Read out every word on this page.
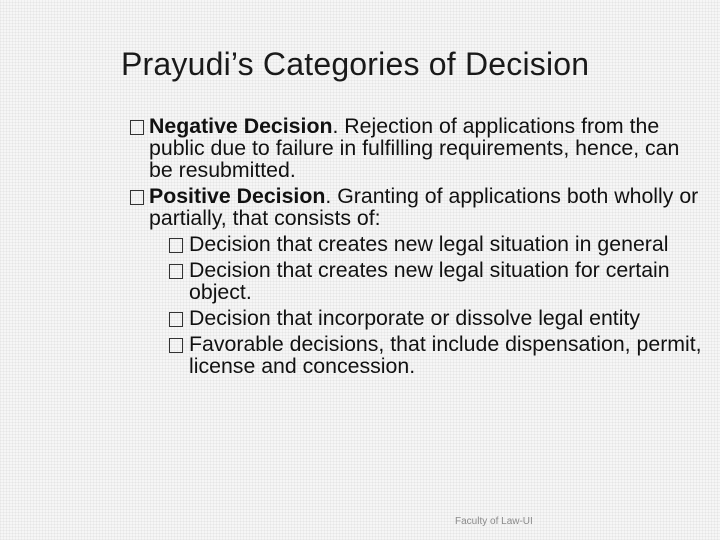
Prayudi’s Categories of Decision
Negative Decision. Rejection of applications from the public due to failure in fulfilling requirements, hence, can be resubmitted.
Positive Decision. Granting of applications both wholly or partially, that consists of:
Decision that creates new legal situation in general
Decision that creates new legal situation for certain object.
Decision that incorporate or dissolve legal entity
Favorable decisions, that include dispensation, permit, license and concession.
Faculty of Law-UI
